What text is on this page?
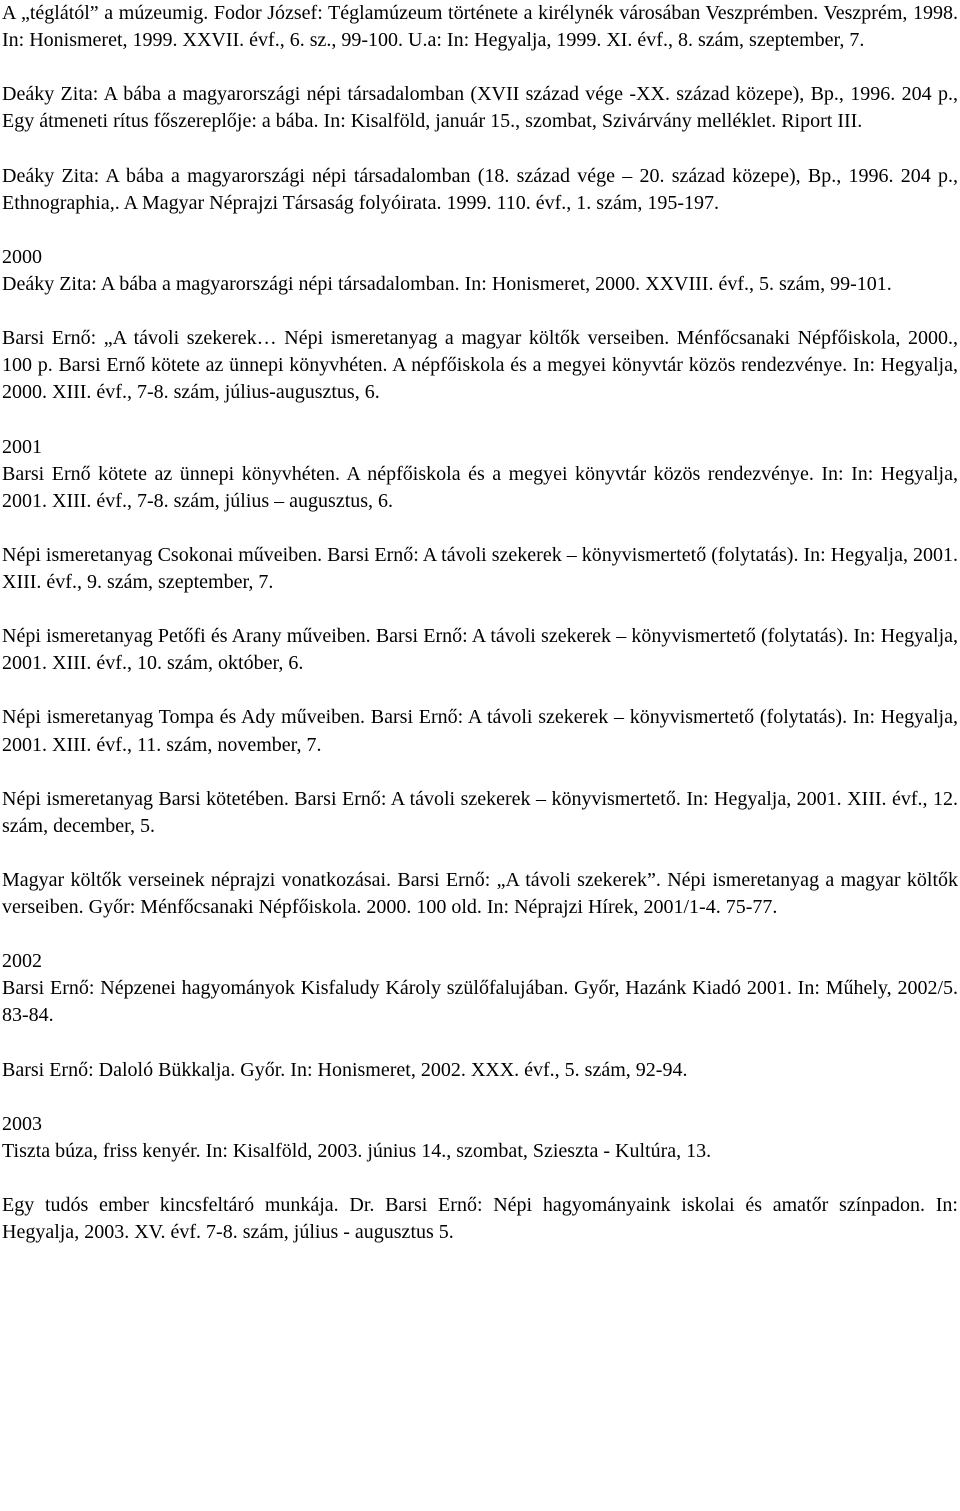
A „téglától” a múzeumig. Fodor József: Téglamúzeum története a kirélynék városában Veszprémben. Veszprém, 1998. In: Honismeret, 1999. XXVII. évf., 6. sz., 99-100. U.a: In: Hegyalja, 1999. XI. évf., 8. szám, szeptember, 7.
Deáky Zita: A bába a magyarországi népi társadalomban (XVII század vége -XX. század közepe), Bp., 1996. 204 p., Egy átmeneti rítus főszereplője: a bába. In: Kisalföld, január 15., szombat, Szivárvány melléklet. Riport III.
Deáky Zita: A bába a magyarországi népi társadalomban (18. század vége – 20. század közepe), Bp., 1996. 204 p., Ethnographia,. A Magyar Néprajzi Társaság folyóirata. 1999. 110. évf., 1. szám, 195-197.
2000
Deáky Zita: A bába a magyarországi népi társadalomban. In: Honismeret, 2000. XXVIII. évf., 5. szám, 99-101.
Barsi Ernő: „A távoli szekerek… Népi ismeretanyag a magyar költők verseiben. Ménfőcsanaki Népfőiskola, 2000., 100 p. Barsi Ernő kötete az ünnepi könyvhéten. A népfőiskola és a megyei könyvtár közös rendezvénye. In: Hegyalja, 2000. XIII. évf., 7-8. szám, július-augusztus, 6.
2001
Barsi Ernő kötete az ünnepi könyvhéten. A népfőiskola és a megyei könyvtár közös rendezvénye. In: In: Hegyalja, 2001. XIII. évf., 7-8. szám, július – augusztus, 6.
Népi ismeretanyag Csokonai műveiben. Barsi Ernő: A távoli szekerek – könyvismertető (folytatás). In: Hegyalja, 2001. XIII. évf., 9. szám, szeptember, 7.
Népi ismeretanyag Petőfi és Arany műveiben. Barsi Ernő: A távoli szekerek – könyvismertető (folytatás). In: Hegyalja, 2001. XIII. évf., 10. szám, október, 6.
Népi ismeretanyag Tompa és Ady műveiben. Barsi Ernő: A távoli szekerek – könyvismertető (folytatás). In: Hegyalja, 2001. XIII. évf., 11. szám, november, 7.
Népi ismeretanyag Barsi kötetében. Barsi Ernő: A távoli szekerek – könyvismertető. In: Hegyalja, 2001. XIII. évf., 12. szám, december, 5.
Magyar költők verseinek néprajzi vonatkozásai. Barsi Ernő: „A távoli szekerek”. Népi ismeretanyag a magyar költők verseiben. Győr: Ménfőcsanaki Népfőiskola. 2000. 100 old. In: Néprajzi Hírek, 2001/1-4. 75-77.
2002
Barsi Ernő: Népzenei hagyományok Kisfaludy Károly szülőfalujában. Győr, Hazánk Kiadó 2001. In: Műhely, 2002/5. 83-84.
Barsi Ernő: Daloló Bükkalja. Győr. In: Honismeret, 2002. XXX. évf., 5. szám, 92-94.
2003
Tiszta búza, friss kenyér. In: Kisalföld, 2003. június 14., szombat, Szieszta - Kultúra, 13.
Egy tudós ember kincsfeltáró munkája. Dr. Barsi Ernő: Népi hagyományaink iskolai és amatőr színpadon. In: Hegyalja, 2003. XV. évf. 7-8. szám, július - augusztus 5.
